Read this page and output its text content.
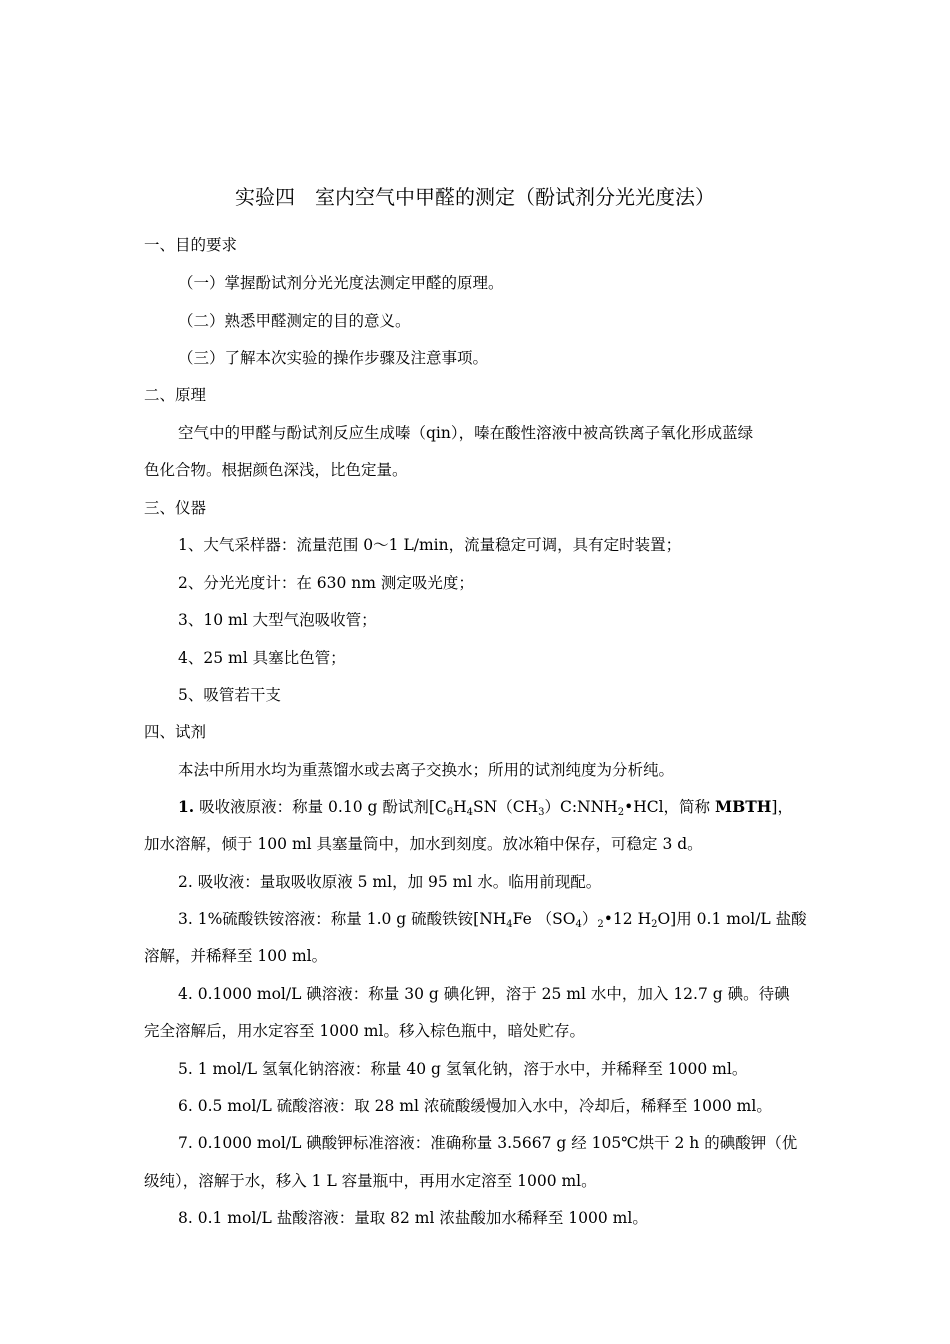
实验四　室内空气中甲醛的测定（酚试剂分光光度法）
一、目的要求
（一）掌握酚试剂分光光度法测定甲醛的原理。
（二）熟悉甲醛测定的目的意义。
（三）了解本次实验的操作步骤及注意事项。
二、原理
空气中的甲醛与酚试剂反应生成嗪（qin），嗪在酸性溶液中被高铁离子氧化形成蓝绿
色化合物。根据颜色深浅，比色定量。
三、仪器
1、大气采样器：流量范围 0～1 L/min，流量稳定可调，具有定时装置；
2、分光光度计：在 630 nm 测定吸光度；
3、10 ml 大型气泡吸收管；
4、25 ml 具塞比色管；
5、吸管若干支
四、试剂
本法中所用水均为重蒸馏水或去离子交换水；所用的试剂纯度为分析纯。
1. 吸收液原液：称量 0.10 g 酚试剂[$C_6H_4SN(CH_3)C:NNH_2•HCl$，简称 MBTH]，
加水溶解，倾于 100 ml 具塞量筒中，加水到刻度。放冰箱中保存，可稳定 3 d。
2. 吸收液：量取吸收原液 5 ml，加 95 ml 水。临用前现配。
3. 1%硫酸铁铵溶液：称量 1.0 g 硫酸铁铵[$NH_4Fe$ $(SO_4)_2•12$ $H_2O$]用 0.1 mol/L 盐酸
溶解，并稀释至 100 ml。
4. 0.1000 mol/L 碘溶液：称量 30 g 碘化钾，溶于 25 ml 水中，加入 12.7 g 碘。待碘
完全溶解后，用水定容至 1000 ml。移入棕色瓶中，暗处贮存。
5. 1 mol/L 氢氧化钠溶液：称量 40 g 氢氧化钠，溶于水中，并稀释至 1000 ml。
6. 0.5 mol/L 硫酸溶液：取 28 ml 浓硫酸缓慢加入水中，冷却后，稀释至 1000 ml。
7. 0.1000 mol/L 碘酸钾标准溶液：准确称量 3.5667 g 经 105℃烘干 2 h 的碘酸钾（优
级纯），溶解于水，移入 1 L 容量瓶中，再用水定溶至 1000 ml。
8. 0.1 mol/L 盐酸溶液：量取 82 ml 浓盐酸加水稀释至 1000 ml。
